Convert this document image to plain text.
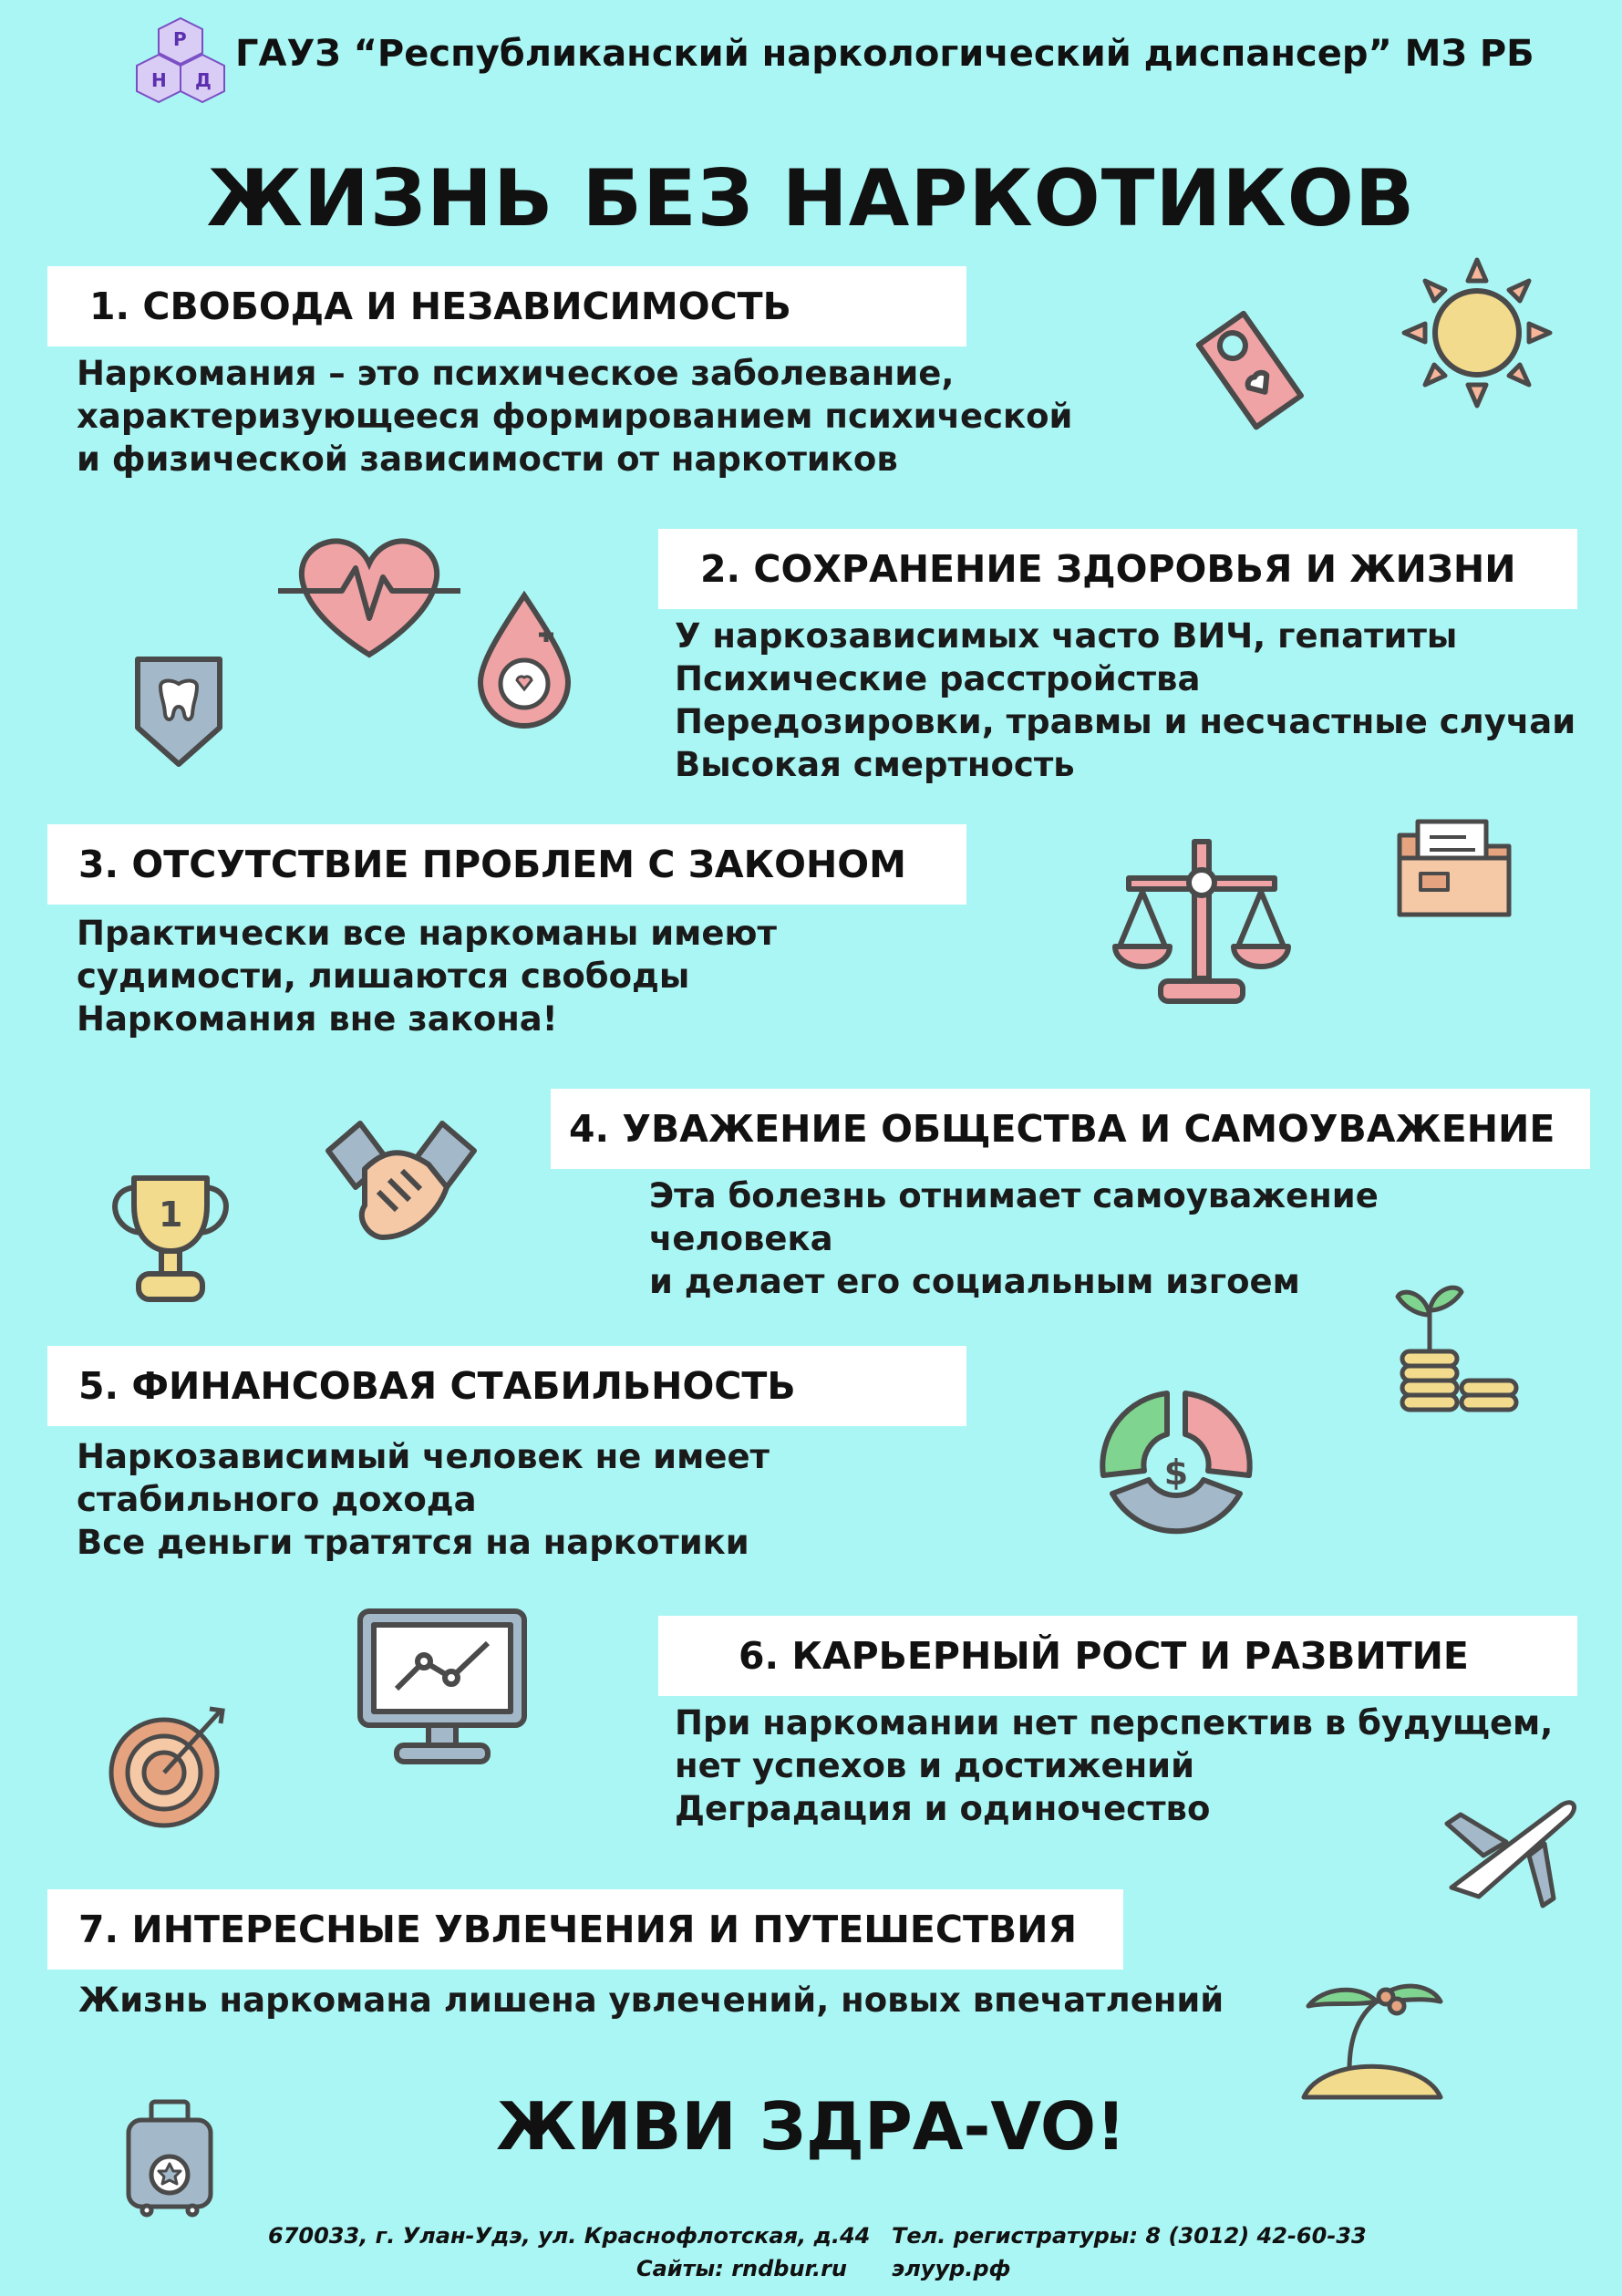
Р
Н Д
ГАУЗ “Республиканский наркологический диспансер” МЗ РБ
ЖИЗНЬ БЕЗ НАРКОТИКОВ
1. СВОБОДА И НЕЗАВИСИМОСТЬ
Наркомания – это психическое заболевание,
характеризующееся формированием психической
и физической зависимости от наркотиков
2. СОХРАНЕНИЕ ЗДОРОВЬЯ И ЖИЗНИ
У наркозависимых часто ВИЧ, гепатиты
Психические расстройства
Передозировки, травмы и несчастные случаи
Высокая смертность
3. ОТСУТСТВИЕ ПРОБЛЕМ С ЗАКОНОМ
Практически все наркоманы имеют
судимости, лишаются свободы
Наркомания вне закона!
4. УВАЖЕНИЕ ОБЩЕСТВА И САМОУВАЖЕНИЕ
Эта болезнь отнимает самоуважение
человека
и делает его социальным изгоем
5. ФИНАНСОВАЯ СТАБИЛЬНОСТЬ
Наркозависимый человек не имеет
стабильного дохода
Все деньги тратятся на наркотики
6. КАРЬЕРНЫЙ РОСТ И РАЗВИТИЕ
При наркомании нет перспектив в будущем,
нет успехов и достижений
Деградация и одиночество
7. ИНТЕРЕСНЫЕ УВЛЕЧЕНИЯ И ПУТЕШЕСТВИЯ
Жизнь наркомана лишена увлечений, новых впечатлений
ЖИВИ ЗДРА-VO!
670033, г. Улан-Удэ, ул. Краснофлотская, д.44 Тел. регистратуры: 8 (3012) 42-60-33
Сайты: rndbur.ru элуур.рф
1
$
